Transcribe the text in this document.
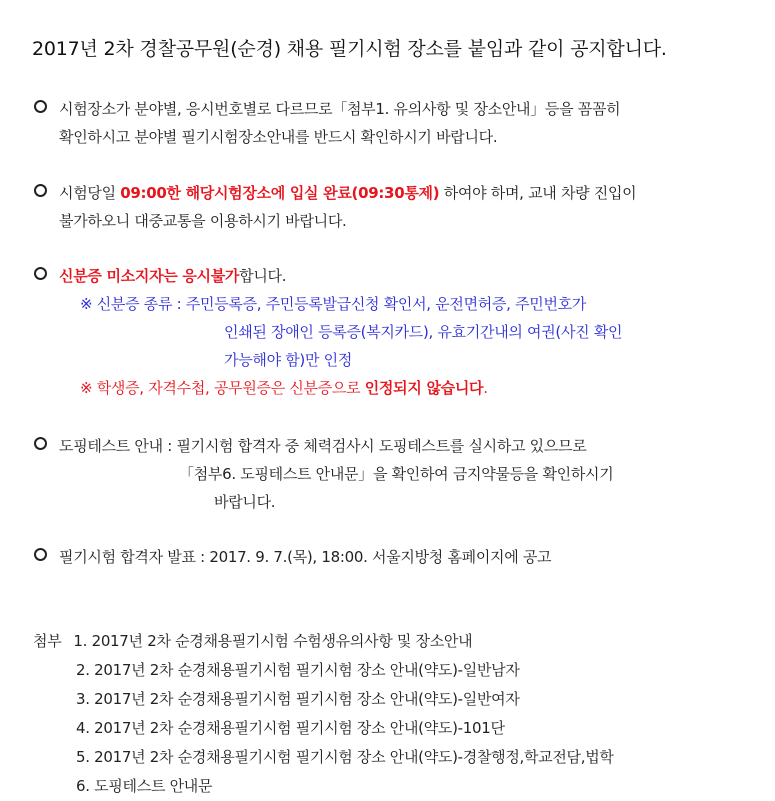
2017년 2차 경찰공무원(순경) 채용 필기시험 장소를 붙임과 같이 공지합니다.
시험장소가 분야별, 응시번호별로 다르므로「첨부1. 유의사항 및 장소안내」등을 꼼꼼히
확인하시고 분야별 필기시험장소안내를 반드시 확인하시기 바랍니다.
시험당일 09:00한 해당시험장소에 입실 완료(09:30통제) 하여야 하며, 교내 차량 진입이
불가하오니 대중교통을 이용하시기 바랍니다.
신분증 미소지자는 응시불가합니다.
※ 신분증 종류 : 주민등록증, 주민등록발급신청 확인서, 운전면허증, 주민번호가
인쇄된 장애인 등록증(복지카드), 유효기간내의 여권(사진 확인
가능해야 함)만 인정
※ 학생증, 자격수첩, 공무원증은 신분증으로 인정되지 않습니다.
도핑테스트 안내 : 필기시험 합격자 중 체력검사시 도핑테스트를 실시하고 있으므로
「첨부6. 도핑테스트 안내문」을 확인하여 금지약물등을 확인하시기
바랍니다.
필기시험 합격자 발표 : 2017. 9. 7.(목), 18:00. 서울지방청 홈페이지에 공고
첨부 1. 2017년 2차 순경채용필기시험 수험생유의사항 및 장소안내
2. 2017년 2차 순경채용필기시험 필기시험 장소 안내(약도)-일반남자
3. 2017년 2차 순경채용필기시험 필기시험 장소 안내(약도)-일반여자
4. 2017년 2차 순경채용필기시험 필기시험 장소 안내(약도)-101단
5. 2017년 2차 순경채용필기시험 필기시험 장소 안내(약도)-경찰행정,학교전담,법학
6. 도핑테스트 안내문
